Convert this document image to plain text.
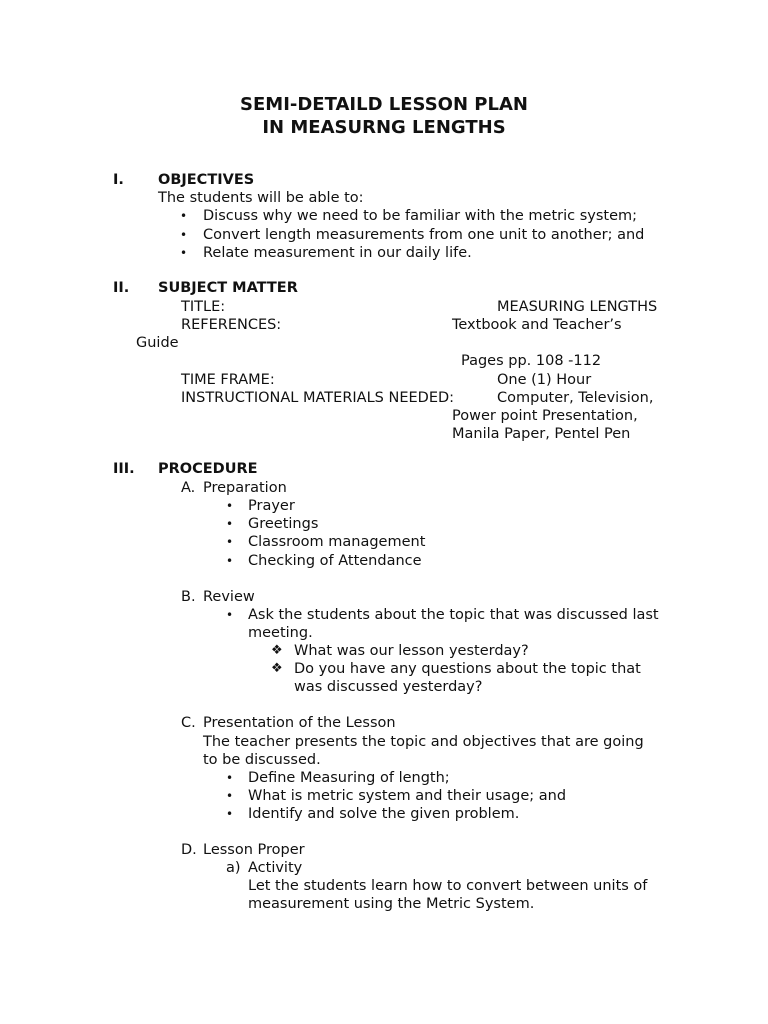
SEMI-DETAILD LESSON PLAN
IN MEASURNG LENGTHS
I. OBJECTIVES
The students will be able to:
• Discuss why we need to be familiar with the metric system;
• Convert length measurements from one unit to another; and
• Relate measurement in our daily life.
II. SUBJECT MATTER
TITLE:	MEASURING LENGTHS
REFERENCES:	Textbook and Teacher’s
Guide
Pages pp. 108 -112
TIME FRAME:	One (1) Hour
INSTRUCTIONAL MATERIALS NEEDED:	Computer, Television,
Power point Presentation,
Manila Paper, Pentel Pen
III. PROCEDURE
A. Preparation
• Prayer
• Greetings
• Classroom management
• Checking of Attendance
B. Review
• Ask the students about the topic that was discussed last
meeting.
❖ What was our lesson yesterday?
❖ Do you have any questions about the topic that
was discussed yesterday?
C. Presentation of the Lesson
The teacher presents the topic and objectives that are going
to be discussed.
• Define Measuring of length;
• What is metric system and their usage; and
• Identify and solve the given problem.
D. Lesson Proper
a) Activity
Let the students learn how to convert between units of
measurement using the Metric System.
